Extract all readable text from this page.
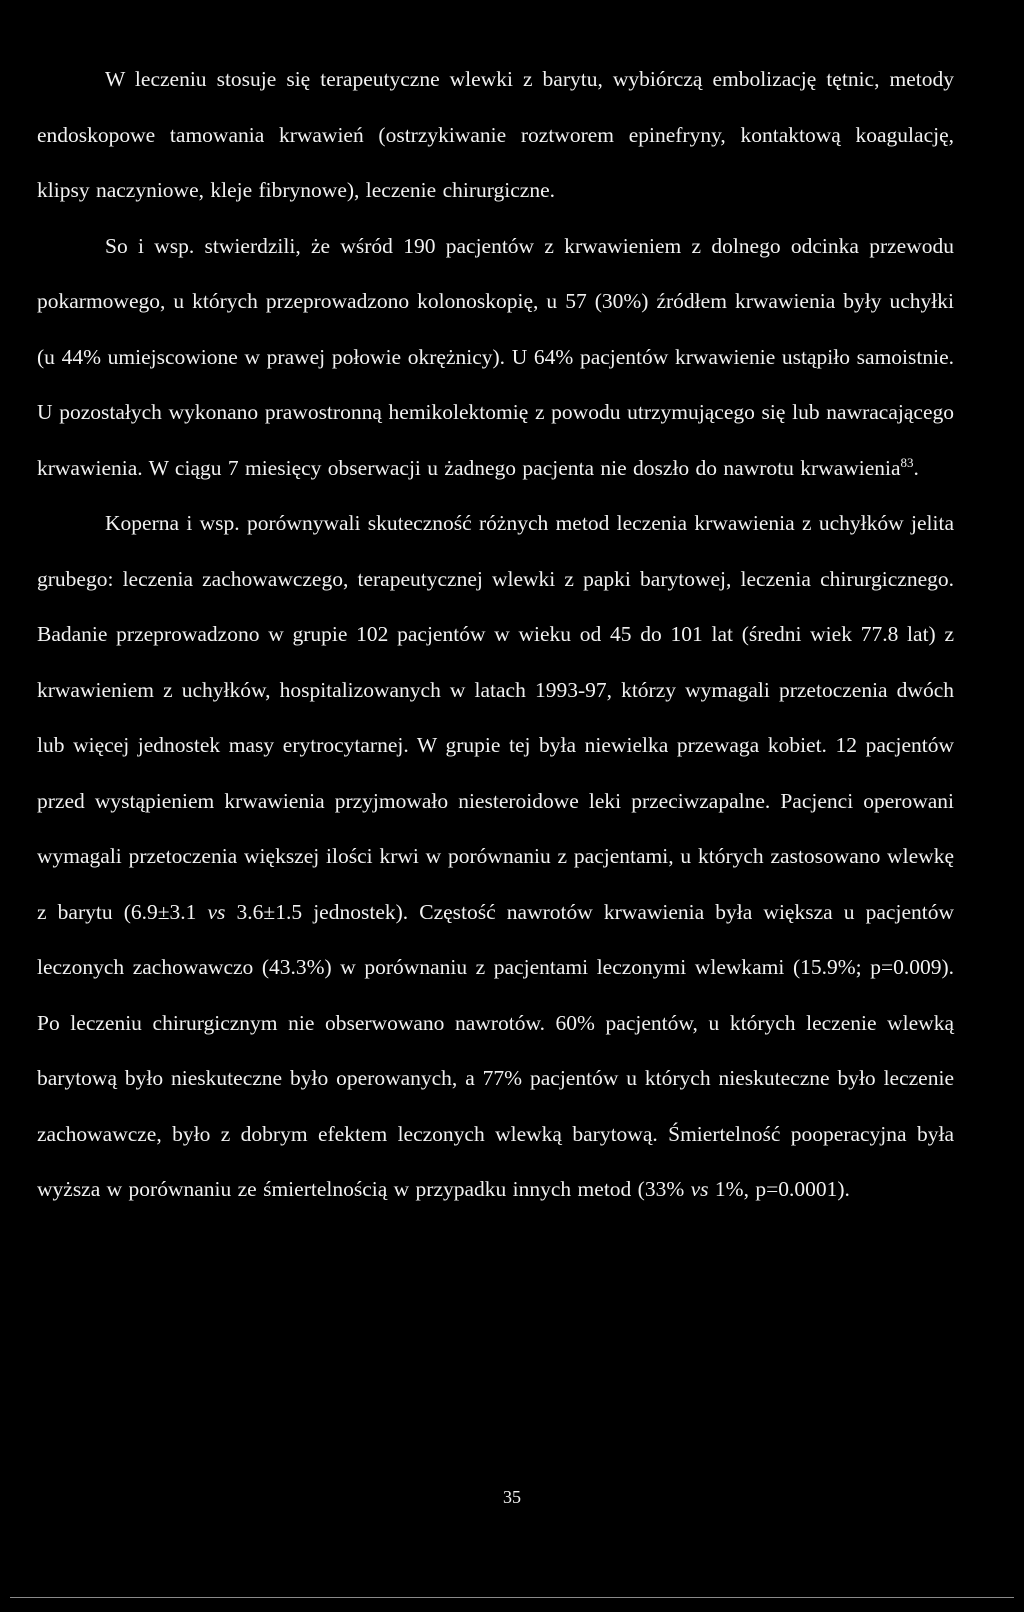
W leczeniu stosuje się terapeutyczne wlewki z barytu, wybiórczą embolizację tętnic, metody endoskopowe tamowania krwawień (ostrzykiwanie roztworem epinefryny, kontaktową koagulację, klipsy naczyniowe, kleje fibrynowe), leczenie chirurgiczne.

So i wsp. stwierdzili, że wśród 190 pacjentów z krwawieniem z dolnego odcinka przewodu pokarmowego, u których przeprowadzono kolonoskopię, u 57 (30%) źródłem krwawienia były uchyłki (u 44% umiejscowione w prawej połowie okrężnicy). U 64% pacjentów krwawienie ustąpiło samoistnie. U pozostałych wykonano prawostronną hemikolektomię z powodu utrzymującego się lub nawracającego krwawienia. W ciągu 7 miesięcy obserwacji u żadnego pacjenta nie doszło do nawrotu krwawienia$^{83}$.

Koperna i wsp. porównywali skuteczność różnych metod leczenia krwawienia z uchyłków jelita grubego: leczenia zachowawczego, terapeutycznej wlewki z papki barytowej, leczenia chirurgicznego. Badanie przeprowadzono w grupie 102 pacjentów w wieku od 45 do 101 lat (średni wiek 77.8 lat) z krwawieniem z uchyłków, hospitalizowanych w latach 1993-97, którzy wymagali przetoczenia dwóch lub więcej jednostek masy erytrocytarnej. W grupie tej była niewielka przewaga kobiet. 12 pacjentów przed wystąpieniem krwawienia przyjmowało niesteroidowe leki przeciwzapalne. Pacjenci operowani wymagali przetoczenia większej ilości krwi w porównaniu z pacjentami, u których zastosowano wlewkę z barytu (6.9±3.1 vs 3.6±1.5 jednostek). Częstość nawrotów krwawienia była większa u pacjentów leczonych zachowawczo (43.3%) w porównaniu z pacjentami leczonymi wlewkami (15.9%; p=0.009). Po leczeniu chirurgicznym nie obserwowano nawrotów. 60% pacjentów, u których leczenie wlewką barytową było nieskuteczne było operowanych, a 77% pacjentów u których nieskuteczne było leczenie zachowawcze, było z dobrym efektem leczonych wlewką barytową. Śmiertelność pooperacyjna była wyższa w porównaniu ze śmiertelnością w przypadku innych metod (33% vs 1%, p=0.0001).

35
